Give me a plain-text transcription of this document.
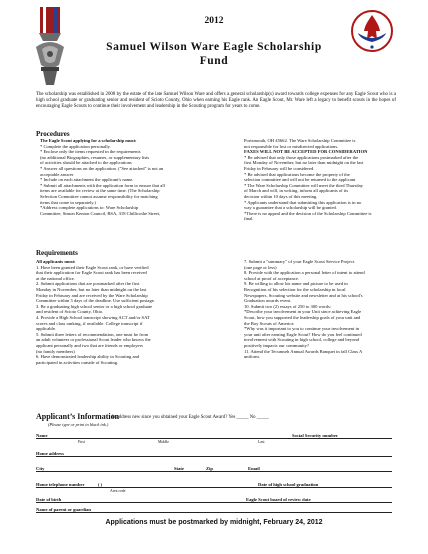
2012
Samuel Wilson Ware Eagle Scholarship
Fund
The scholarship was established in 2008 by the estate of the late Samuel Wilson Ware and offers a general scholarship(s) award towards college expenses for any Eagle Scout who is a high school graduate or graduating senior and resident of Scioto County, Ohio when earning his Eagle rank. An Eagle Scout, Mr. Ware left a legacy to benefit scouts in the hopes of encouraging Eagle Scouts to continue their involvement and leadership in the Scouting program for years to come.
Procedures
The Eagle Scout applying for a scholarship must:
* Complete the application personally.
* Enclose only the items requested in the requirements
(no additional Biographies, resumes, or supplementary lists
of activities should be attached to the applications
* Answer all questions on the application. ("See attached" is not an
acceptable answer
* Include on each attachment the applicant's name.
* Submit all attachments with the application form to ensure that all
items are available for review at the same time. (The Scholarship
Selection Committee cannot assume responsibility for matching
items that come in separately.)
*Address complete applications to: Ware Scholarship
Committee, Simon Kenton Council, BSA, 318 Chillicothe Street,
Portsmouth, OH 45662. The Ware Scholarship Committee is
not responsible for lost or misdirected applications.
FAXES WILL NOT BE ACCEPTED FOR CONSIDERATION
* Be advised that only those applications postmarked after the
first Monday of November, but no later than midnight on the last
Friday in February will be considered.
* Be advised that applications become the property of the
selection committee and will not be returned to the applicant
* The Ware Scholarship Committee will meet the third Thursday
of March and will, in writing, inform all applicants of its
decision within 10 days of this meeting.
* Applicants understand that submitting this application is in no
way a guarantee that a scholarship will be granted.
*There is no appeal and the decision of the Scholarship Committee is
final.
Requirements
All applicants must:
1. Have been granted their Eagle Scout rank, or have verified
that their application for Eagle Scout rank has been received
at the national office.
2. Submit applications that are postmarked after the first
Monday in November, but no later than midnight on the last
Friday in February and are received by the Ware Scholarship
Committee within 5 days of the deadline. Use sufficient postage.
3. Be a graduating high school senior or a high school graduate
and resident of Scioto County, Ohio.
4. Provide a High School transcript showing ACT and/or SAT
scores and class ranking, if available. College transcript if
applicable.
5. Submit three letters of recommendation, one must be from
an adult volunteer or professional Scout leader who knows the
applicant personally and two that are friends or employers
(no family members)
6. Have demonstrated leadership ability in Scouting and
participated in activities outside of Scouting.
7. Submit a "summary" of your Eagle Scout Service Project.
(one page or less)
8. Provide with the application a personal letter of intent to attend
school at proof of acceptance.
9. Be willing to allow his name and picture to be used in
Recognition of his selection for the scholarship in local
Newspapers, Scouting website and newsletter and at his school's
Graduation awards event.
10. Submit two (2) essays of 250 to 300 words:
*Describe your involvement in your Unit since achieving Eagle
Scout, how you supported the leadership goals of your unit and
the Boy Scouts of America
*Why was it important to you to continue your involvement in
your unit after earning Eagle Scout? How do you feel continued
involvement with Scouting in high school, college and beyond
positively impacts our community?
11. Attend the Tecumseh Annual Awards Banquet in fall Class A
uniform.
Applicant’s Information
Is address new since you obtained your Eagle Scout Award? Yes _____ No _____
(Please type or print in black ink.)
Name	Social Security number
First	Middle	Last
Home address
City	State	Zip	Email
Home telephone number	( )	Date of high school graduation
Area code
Date of birth	Eagle Scout board of review date
Name of parent or guardian
Applications must be postmarked by midnight, February 24, 2012
